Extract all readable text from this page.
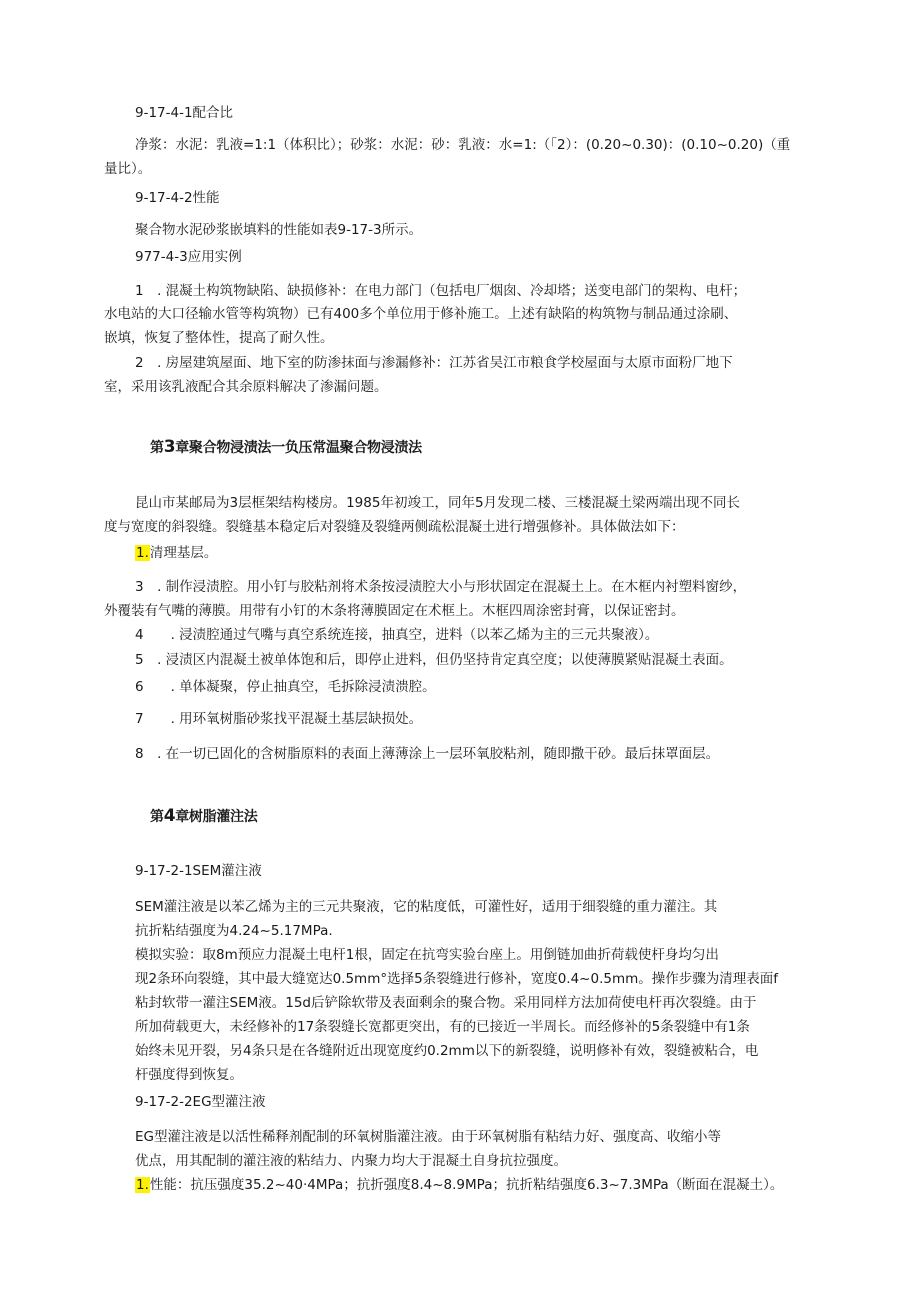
9-17-4-1配合比
净浆：水泥：乳液=1:1（体积比）；砂浆：水泥：砂：乳液：水=1:（「2）：(0.20~0.30)：(0.10~0.20)（重
量比）。
9-17-4-2性能
聚合物水泥砂浆嵌填料的性能如表9-17-3所示。
977-4-3应用实例
1　. 混凝土构筑物缺陷、缺损修补：在电力部门（包括电厂烟囱、冷却塔；送变电部门的架构、电杆；
水电站的大口径输水管等构筑物）已有400多个单位用于修补施工。上述有缺陷的构筑物与制品通过涂刷、
嵌填，恢复了整体性，提高了耐久性。
2　. 房屋建筑屋面、地下室的防渗抹面与渗漏修补：江苏省吴江市粮食学校屋面与太原市面粉厂地下
室，采用该乳液配合其余原料解决了渗漏问题。
第3章聚合物浸渍法一负压常温聚合物浸渍法
昆山市某邮局为3层框架结构楼房。1985年初竣工，同年5月发现二楼、三楼混凝土梁两端出现不同长
度与宽度的斜裂缝。裂缝基本稳定后对裂缝及裂缝两侧疏松混凝土进行增强修补。具体做法如下：
1.清理基层。
3　. 制作浸渍腔。用小钉与胶粘剂将术条按浸渍腔大小与形状固定在混凝土上。在木框内衬塑料窗纱，
外覆装有气嘴的薄膜。用带有小钉的木条将薄膜固定在术框上。木框四周涂密封膏，以保证密封。
4　　. 浸渍腔通过气嘴与真空系统连接，抽真空，进料（以苯乙烯为主的三元共聚液）。
5　. 浸渍区内混凝土被单体饱和后，即停止进料，但仍坚持肯定真空度；以使薄膜紧贴混凝土表面。
6　　. 单体凝聚，停止抽真空，毛拆除浸渍溃腔。
7　　. 用环氧树脂砂浆找平混凝土基层缺损处。
8　. 在一切已固化的含树脂原料的表面上薄薄涂上一层环氧胶粘剂，随即撒干砂。最后抹罩面层。
第4章树脂灌注法
9-17-2-1SEM灌注液
SEM灌注液是以苯乙烯为主的三元共聚液，它的粘度低，可灌性好，适用于细裂缝的重力灌注。其
抗折粘结强度为4.24~5.17MPa.
模拟实验：取8m预应力混凝土电杆1根，固定在抗弯实验台座上。用倒链加曲折荷载使杆身均匀出
现2条环向裂缝，其中最大缝宽达0.5mm°选择5条裂缝进行修补，宽度0.4~0.5mm。操作步骤为清理表面f
粘封软带一灌注SEM液。15d后铲除软带及表面剩余的聚合物。采用同样方法加荷使电杆再次裂缝。由于
所加荷载更大，未经修补的17条裂缝长宽都更突出，有的已接近一半周长。而经修补的5条裂缝中有1条
始终未见开裂，另4条只是在各缝附近出现宽度约0.2mm以下的新裂缝，说明修补有效，裂缝被粘合，电
杆强度得到恢复。
9-17-2-2EG型灌注液
EG型灌注液是以活性稀释剂配制的环氧树脂灌注液。由于环氧树脂有粘结力好、强度高、收缩小等
优点，用其配制的灌注液的粘结力、内聚力均大于混凝土自身抗拉强度。
1.性能：抗压强度35.2~40·4MPa；抗折强度8.4~8.9MPa；抗折粘结强度6.3~7.3MPa（断面在混凝土）。
